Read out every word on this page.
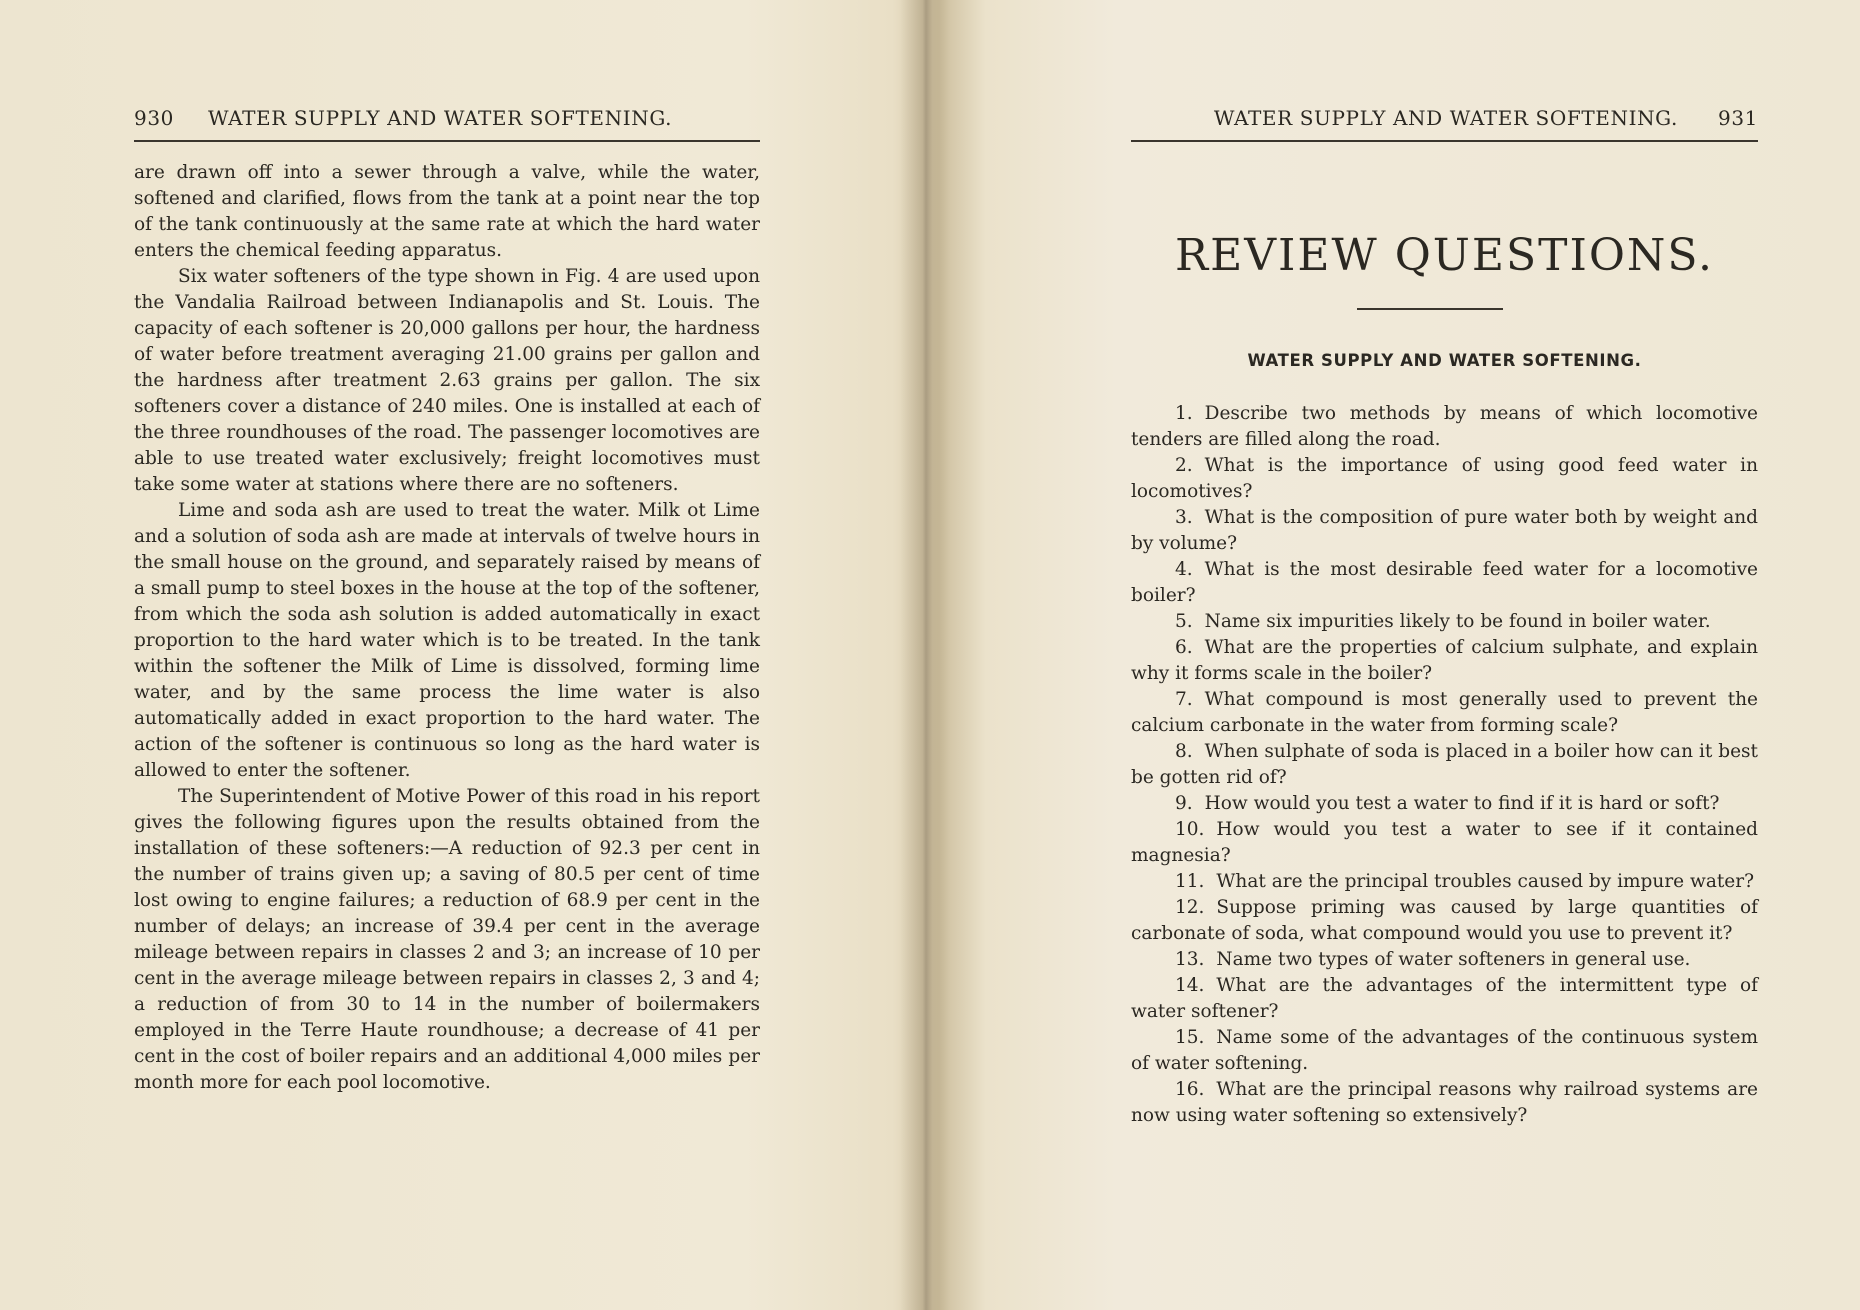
930 WATER SUPPLY AND WATER SOFTENING.

are drawn off into a sewer through a valve, while the water, softened and clarified, flows from the tank at a point near the top of the tank continuously at the same rate at which the hard water enters the chemical feeding apparatus.

Six water softeners of the type shown in Fig. 4 are used upon the Vandalia Railroad between Indianapolis and St. Louis. The capacity of each softener is 20,000 gallons per hour, the hardness of water before treatment averaging 21.00 grains per gallon and the hardness after treatment 2.63 grains per gallon. The six softeners cover a distance of 240 miles. One is installed at each of the three roundhouses of the road. The passenger locomotives are able to use treated water exclusively; freight locomotives must take some water at stations where there are no softeners.

Lime and soda ash are used to treat the water. Milk ot Lime and a solution of soda ash are made at intervals of twelve hours in the small house on the ground, and separately raised by means of a small pump to steel boxes in the house at the top of the softener, from which the soda ash solution is added automatically in exact proportion to the hard water which is to be treated. In the tank within the softener the Milk of Lime is dissolved, forming lime water, and by the same process the lime water is also automatically added in exact proportion to the hard water. The action of the softener is continuous so long as the hard water is allowed to enter the softener.

The Superintendent of Motive Power of this road in his report gives the following figures upon the results obtained from the installation of these softeners:—A reduction of 92.3 per cent in the number of trains given up; a saving of 80.5 per cent of time lost owing to engine failures; a reduction of 68.9 per cent in the number of delays; an increase of 39.4 per cent in the average mileage between repairs in classes 2 and 3; an increase of 10 per cent in the average mileage between repairs in classes 2, 3 and 4; a reduction of from 30 to 14 in the number of boilermakers employed in the Terre Haute roundhouse; a decrease of 41 per cent in the cost of boiler repairs and an additional 4,000 miles per month more for each pool locomotive.

WATER SUPPLY AND WATER SOFTENING. 931
REVIEW QUESTIONS.
WATER SUPPLY AND WATER SOFTENING.

1. Describe two methods by means of which locomotive tenders are filled along the road.

2. What is the importance of using good feed water in locomotives?

3. What is the composition of pure water both by weight and by volume?

4. What is the most desirable feed water for a locomotive boiler?

5. Name six impurities likely to be found in boiler water.

6. What are the properties of calcium sulphate, and explain why it forms scale in the boiler?

7. What compound is most generally used to prevent the calcium carbonate in the water from forming scale?

8. When sulphate of soda is placed in a boiler how can it best be gotten rid of?

9. How would you test a water to find if it is hard or soft?

10. How would you test a water to see if it contained magnesia?

11. What are the principal troubles caused by impure water?

12. Suppose priming was caused by large quantities of carbonate of soda, what compound would you use to prevent it?

13. Name two types of water softeners in general use.

14. What are the advantages of the intermittent type of water softener?

15. Name some of the advantages of the continuous system of water softening.

16. What are the principal reasons why railroad systems are now using water softening so extensively?
